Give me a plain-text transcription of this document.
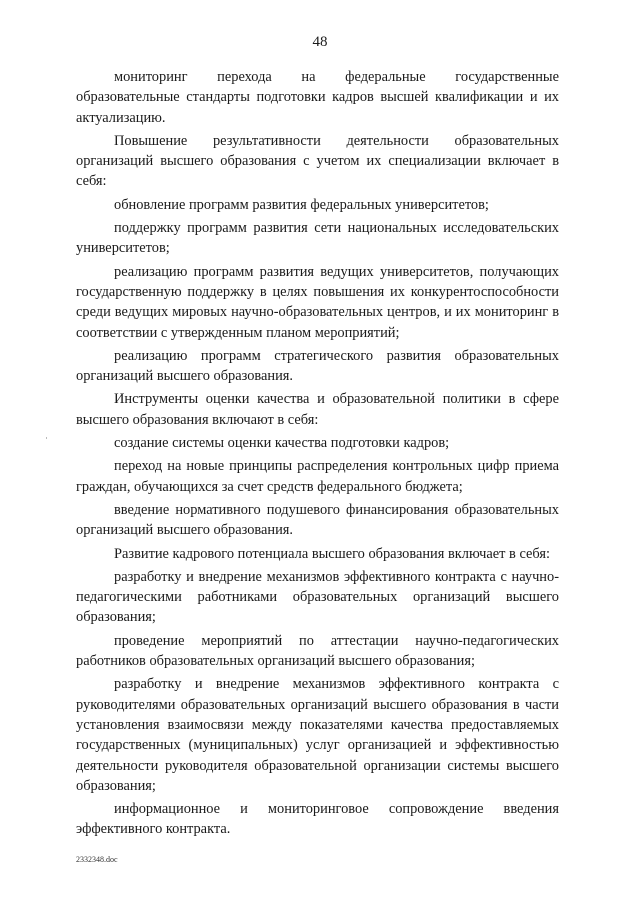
48

мониторинг перехода на федеральные государственные образовательные стандарты подготовки кадров высшей квалификации и их актуализацию.

Повышение результативности деятельности образовательных организаций высшего образования с учетом их специализации включает в себя:

обновление программ развития федеральных университетов;

поддержку программ развития сети национальных исследовательских университетов;

реализацию программ развития ведущих университетов, получающих государственную поддержку в целях повышения их конкурентоспособности среди ведущих мировых научно-образовательных центров, и их мониторинг в соответствии с утвержденным планом мероприятий;

реализацию программ стратегического развития образовательных организаций высшего образования.

Инструменты оценки качества и образовательной политики в сфере высшего образования включают в себя:

создание системы оценки качества подготовки кадров;

переход на новые принципы распределения контрольных цифр приема граждан, обучающихся за счет средств федерального бюджета;

введение нормативного подушевого финансирования образовательных организаций высшего образования.

Развитие кадрового потенциала высшего образования включает в себя:

разработку и внедрение механизмов эффективного контракта с научно-педагогическими работниками образовательных организаций высшего образования;

проведение мероприятий по аттестации научно-педагогических работников образовательных организаций высшего образования;

разработку и внедрение механизмов эффективного контракта с руководителями образовательных организаций высшего образования в части установления взаимосвязи между показателями качества предоставляемых государственных (муниципальных) услуг организацией и эффективностью деятельности руководителя образовательной организации системы высшего образования;

информационное и мониторинговое сопровождение введения эффективного контракта.

2332348.doc
